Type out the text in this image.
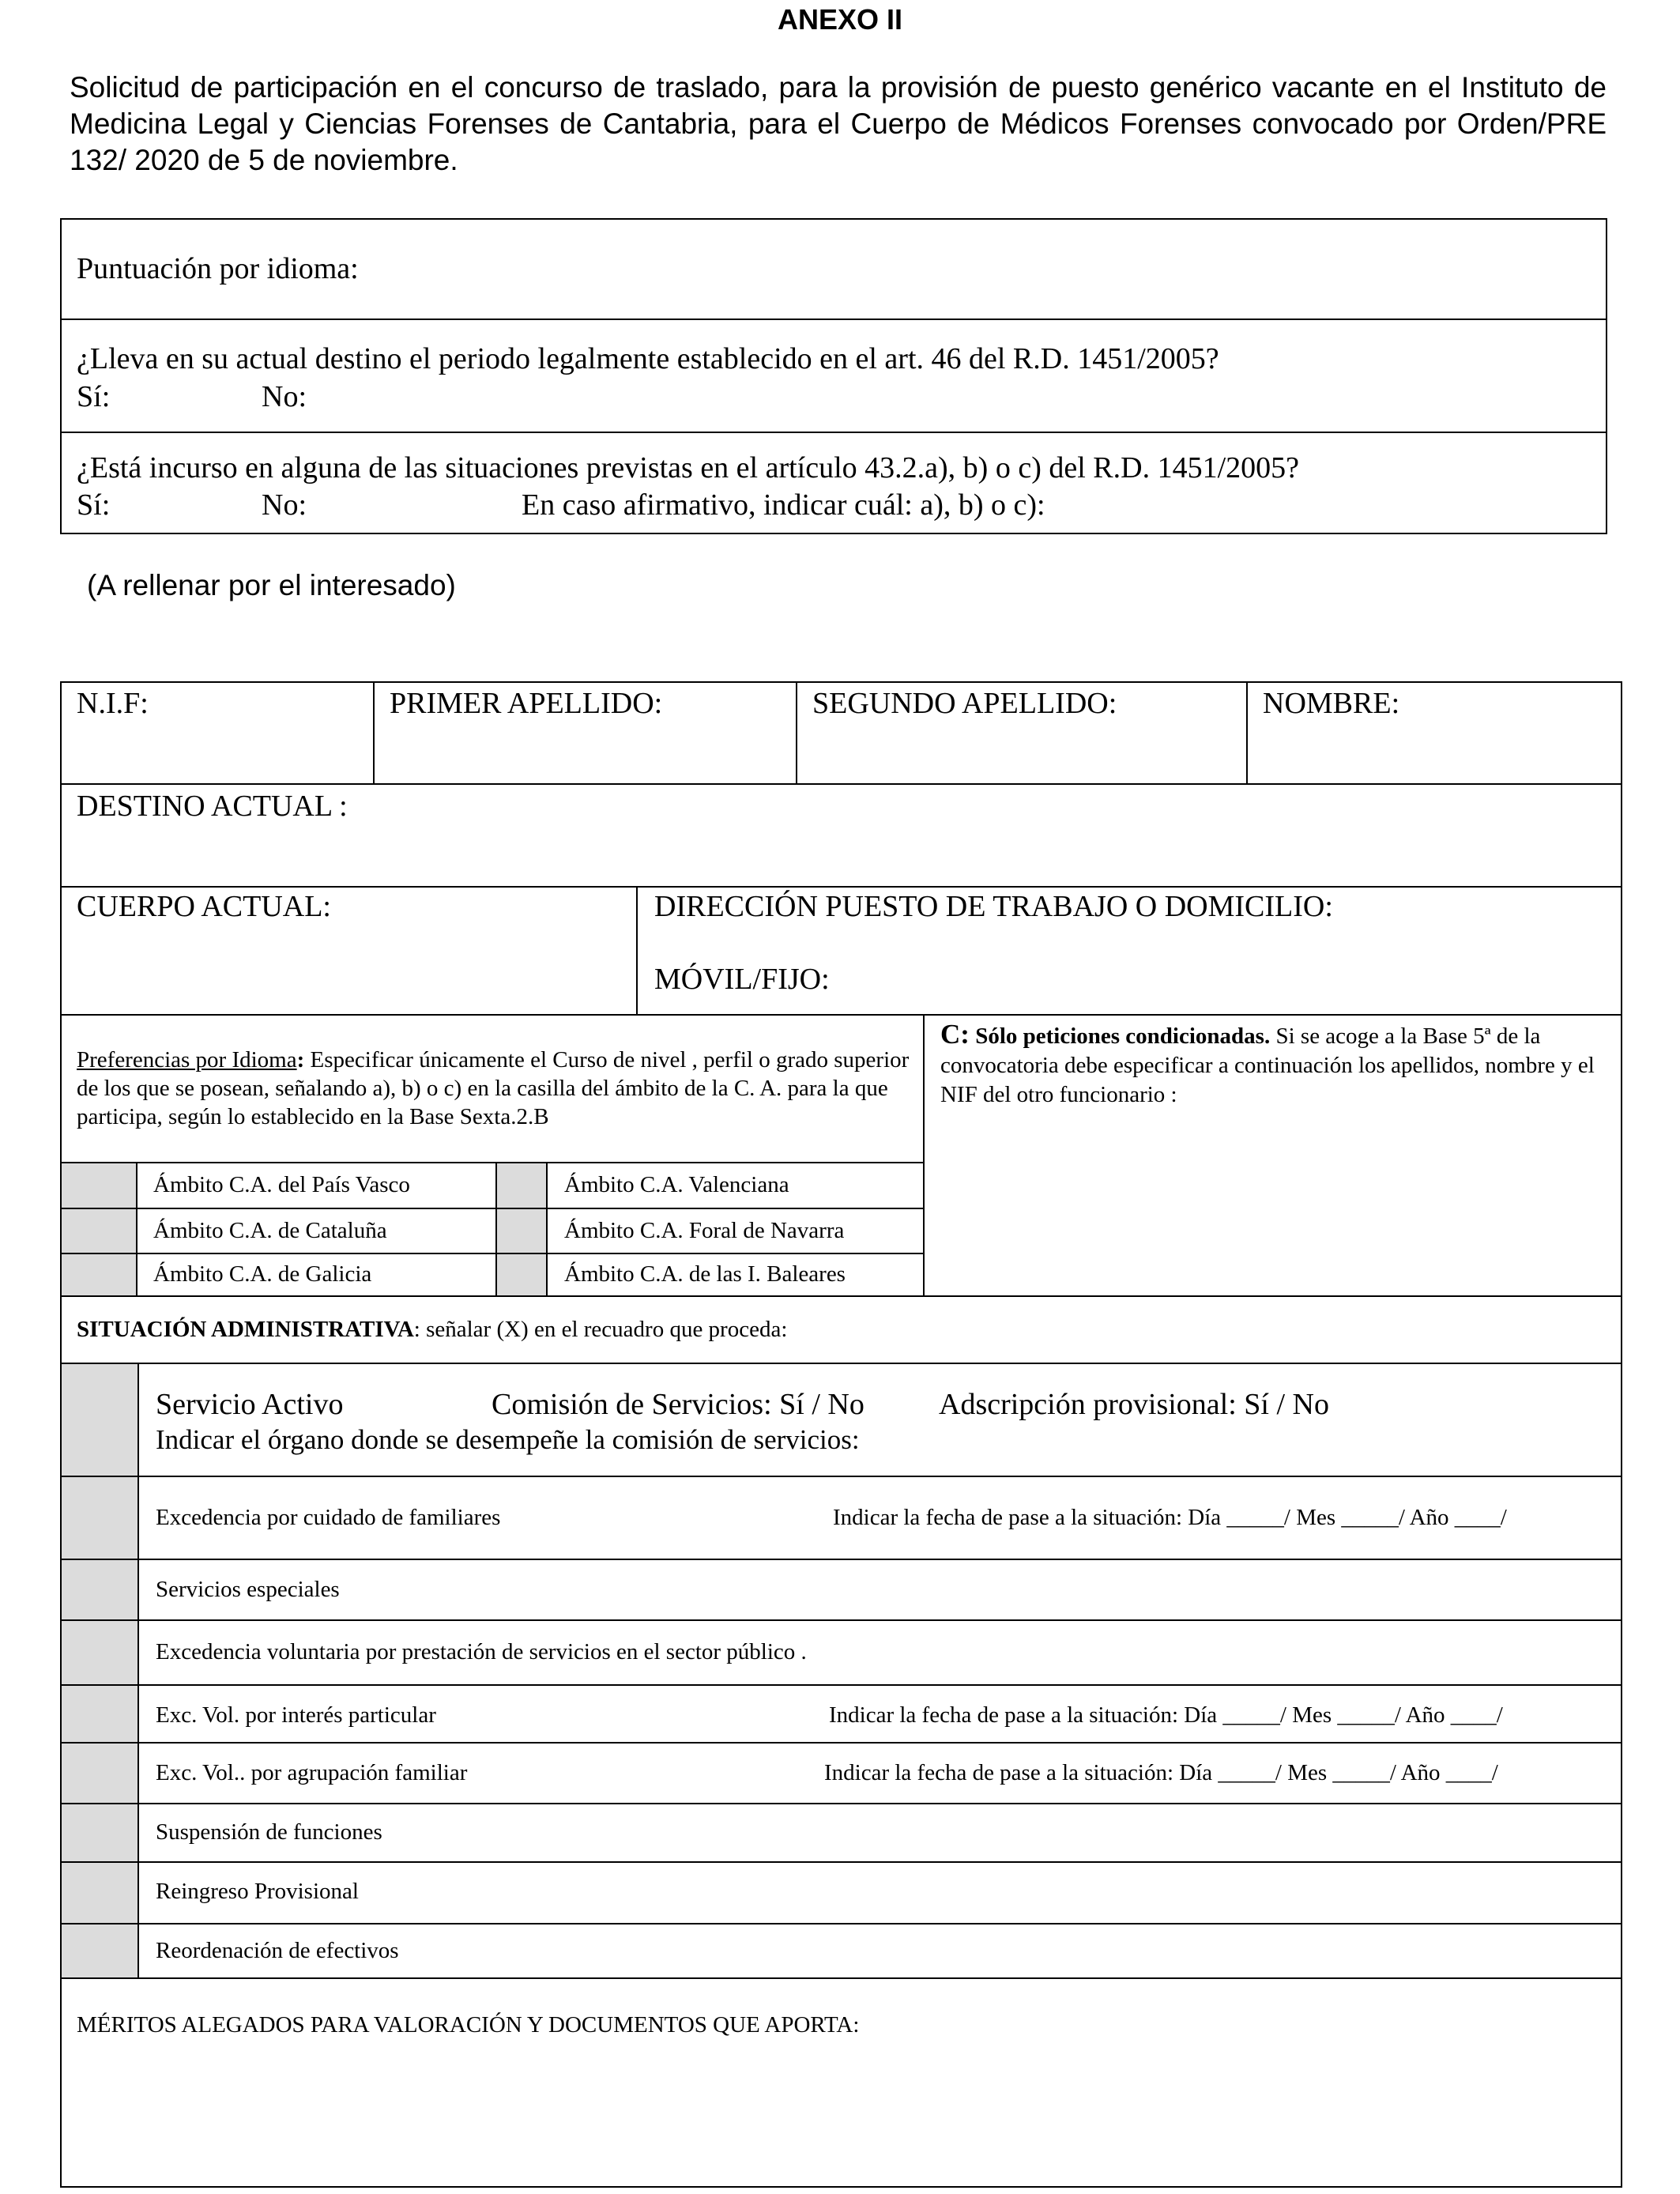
ANEXO II
Solicitud de participación en el concurso de traslado, para la provisión de puesto genérico vacante en el Instituto de Medicina Legal y Ciencias Forenses de Cantabria, para el Cuerpo de Médicos Forenses convocado por Orden/PRE 132/ 2020 de 5 de noviembre.
Puntuación por idioma:
¿Lleva en su actual destino el periodo legalmente establecido en el art. 46 del R.D. 1451/2005?
Sí:	No:
¿Está incurso en alguna de las situaciones previstas en el artículo 43.2.a), b) o c) del R.D. 1451/2005?
Sí:	No:	En caso afirmativo, indicar cuál: a), b) o c):
(A rellenar por el interesado)
N.I.F:	PRIMER APELLIDO:	SEGUNDO APELLIDO:	NOMBRE:
DESTINO ACTUAL :
CUERPO ACTUAL:	DIRECCIÓN PUESTO DE TRABAJO O DOMICILIO:
MÓVIL/FIJO:
Preferencias por Idioma: Especificar únicamente el Curso de nivel , perfil o grado superior de los que se posean, señalando a), b) o c) en la casilla del ámbito de la C. A. para la que participa, según lo establecido en la Base Sexta.2.B
C: Sólo peticiones condicionadas. Si se acoge a la Base 5ª de la convocatoria debe especificar a continuación los apellidos, nombre y el NIF del otro funcionario :
Ámbito C.A. del País Vasco
Ámbito C.A. de Cataluña
Ámbito C.A. de Galicia
Ámbito C.A. Valenciana
Ámbito C.A. Foral de Navarra
Ámbito C.A. de las I. Baleares
SITUACIÓN ADMINISTRATIVA: señalar (X) en el recuadro que proceda:
Servicio Activo	Comisión de Servicios: Sí / No Adscripción provisional: Sí / No
Indicar el órgano donde se desempeñe la comisión de servicios:
Excedencia por cuidado de familiares	Indicar la fecha de pase a la situación: Día _____/ Mes _____/ Año ____/
Servicios especiales
Excedencia voluntaria por prestación de servicios en el sector público .
Exc. Vol. por interés particular	Indicar la fecha de pase a la situación: Día _____/ Mes _____/ Año ____/
Exc. Vol.. por agrupación familiar	Indicar la fecha de pase a la situación: Día _____/ Mes _____/ Año ____/
Suspensión de funciones
Reingreso Provisional
Reordenación de efectivos
MÉRITOS ALEGADOS PARA VALORACIÓN Y DOCUMENTOS QUE APORTA:
